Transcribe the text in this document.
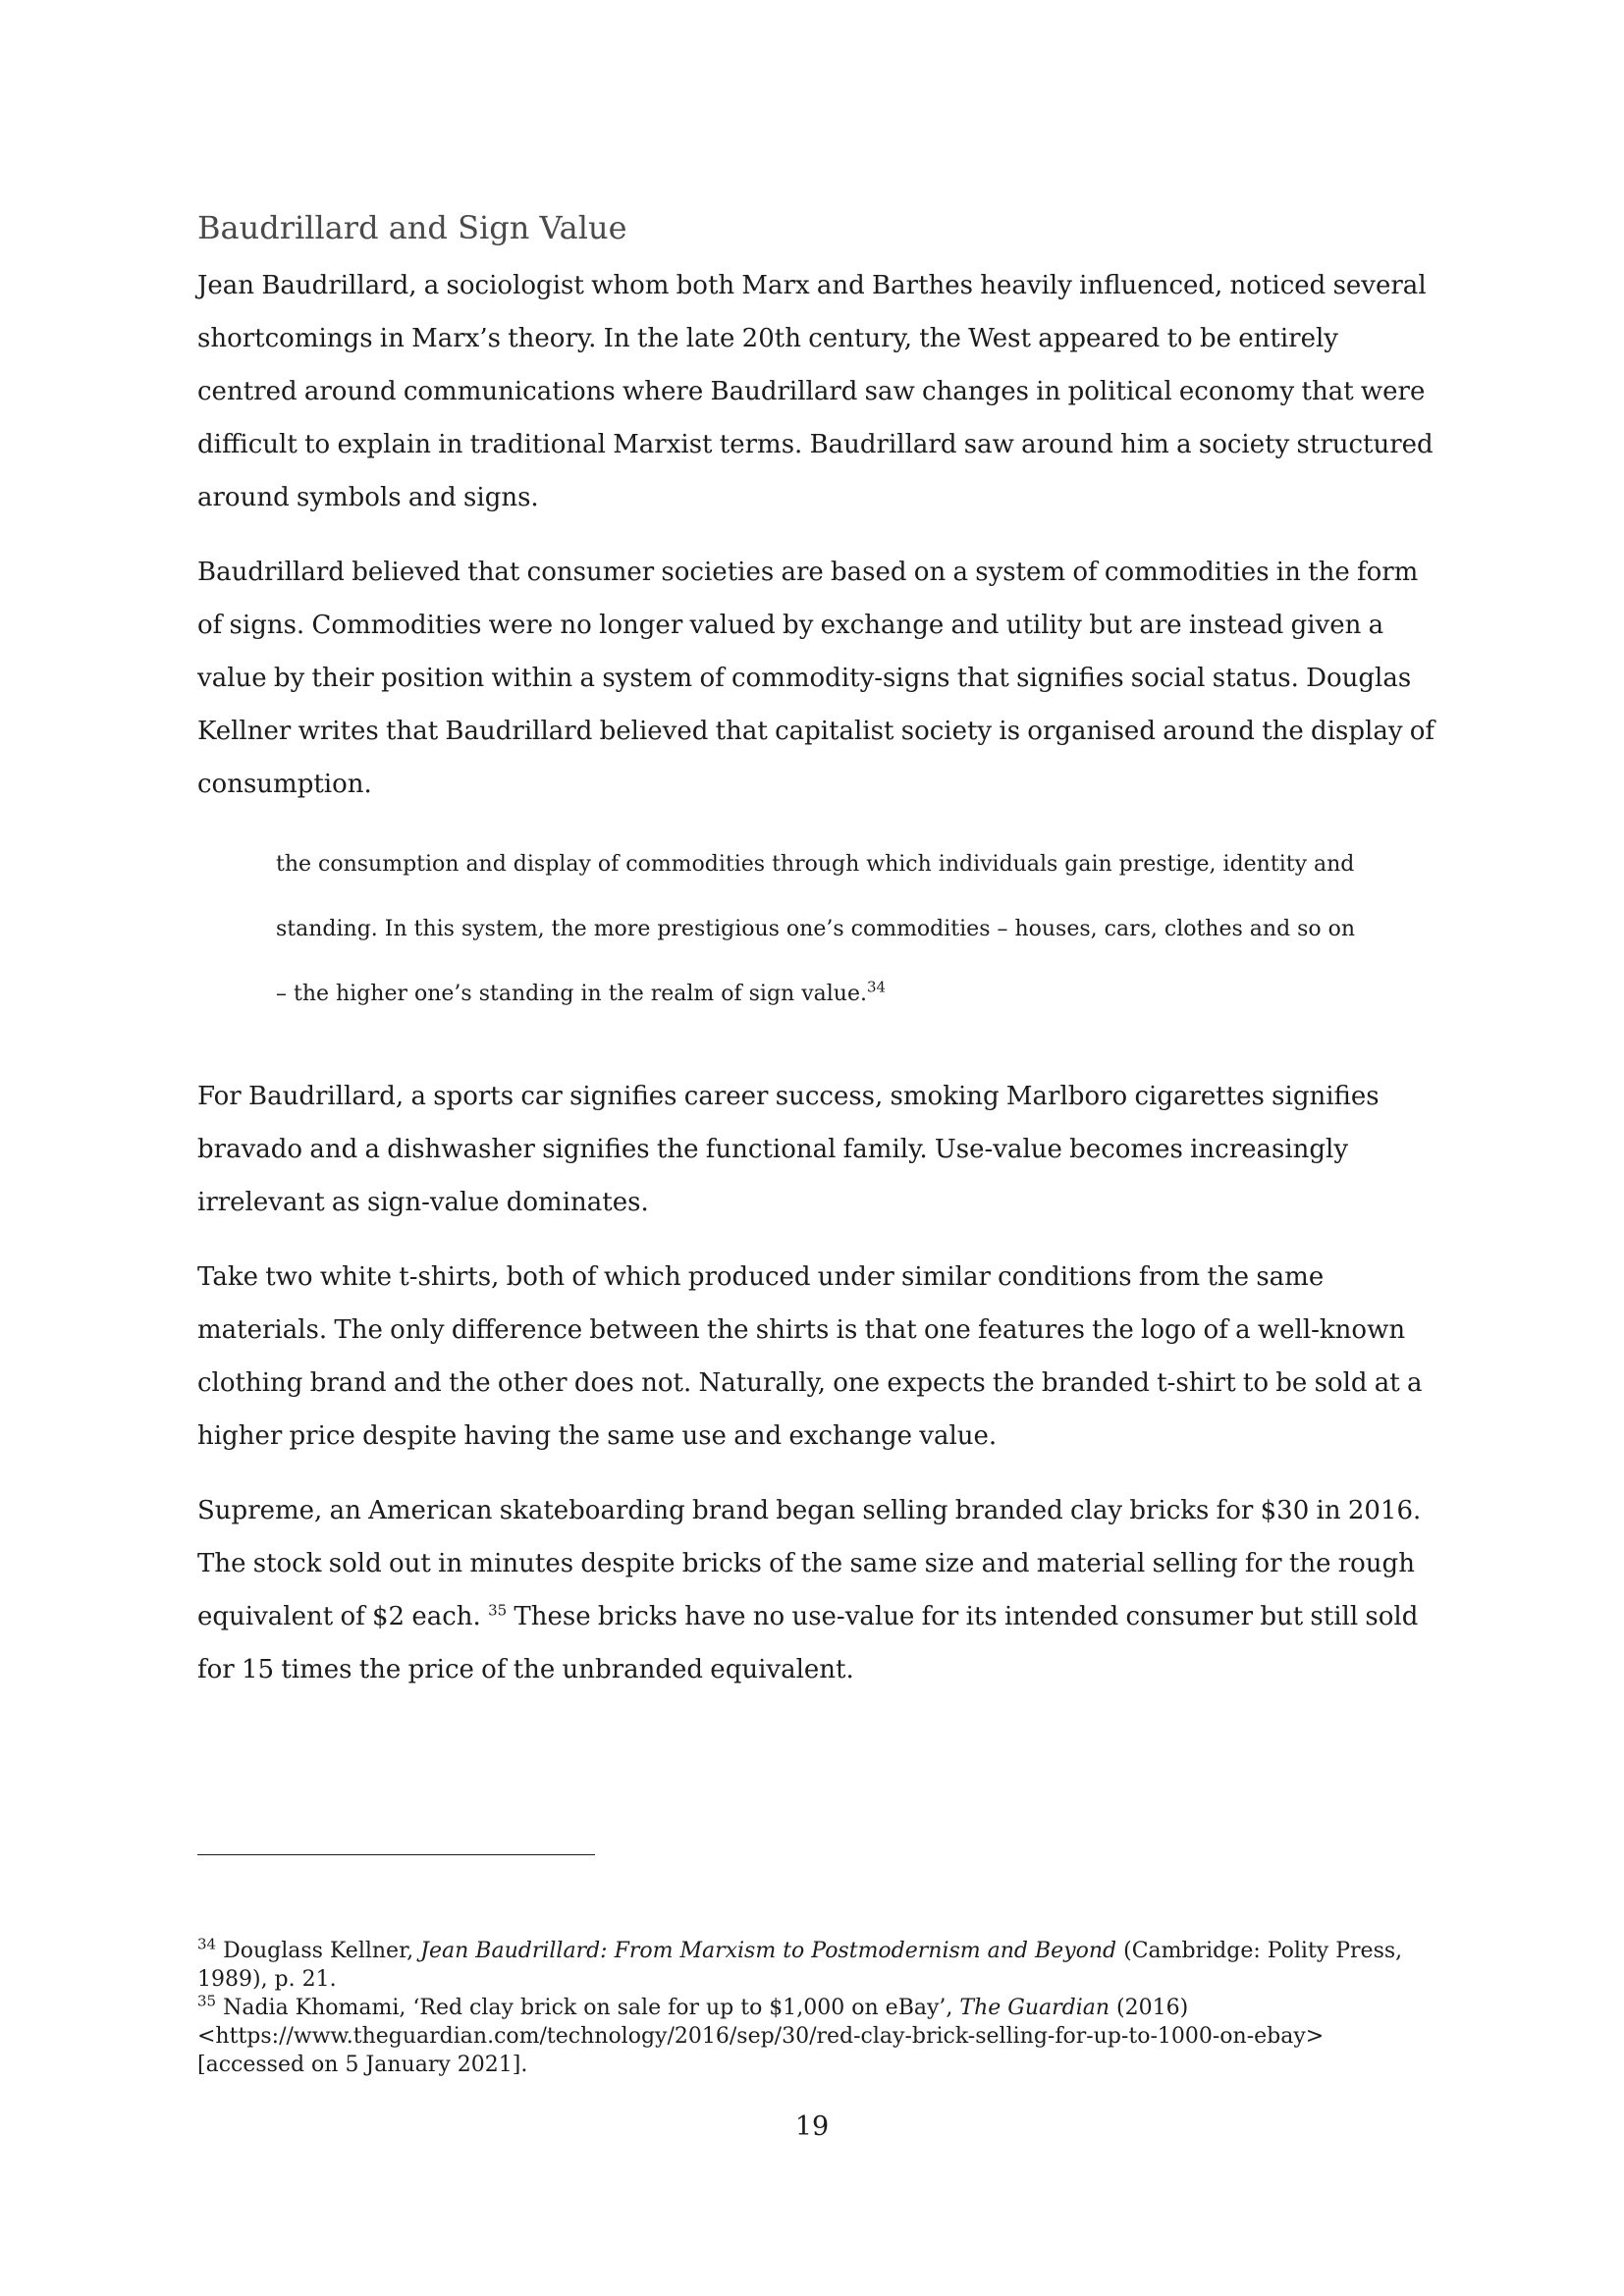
Baudrillard and Sign Value

Jean Baudrillard, a sociologist whom both Marx and Barthes heavily influenced, noticed several shortcomings in Marx’s theory. In the late 20th century, the West appeared to be entirely centred around communications where Baudrillard saw changes in political economy that were difficult to explain in traditional Marxist terms. Baudrillard saw around him a society structured around symbols and signs.

Baudrillard believed that consumer societies are based on a system of commodities in the form of signs. Commodities were no longer valued by exchange and utility but are instead given a value by their position within a system of commodity-signs that signifies social status. Douglas Kellner writes that Baudrillard believed that capitalist society is organised around the display of consumption.

the consumption and display of commodities through which individuals gain prestige, identity and standing. In this system, the more prestigious one’s commodities – houses, cars, clothes and so on – the higher one’s standing in the realm of sign value.$^{34}$

For Baudrillard, a sports car signifies career success, smoking Marlboro cigarettes signifies bravado and a dishwasher signifies the functional family. Use-value becomes increasingly irrelevant as sign-value dominates.

Take two white t-shirts, both of which produced under similar conditions from the same materials. The only difference between the shirts is that one features the logo of a well-known clothing brand and the other does not. Naturally, one expects the branded t-shirt to be sold at a higher price despite having the same use and exchange value.

Supreme, an American skateboarding brand began selling branded clay bricks for $30 in 2016. The stock sold out in minutes despite bricks of the same size and material selling for the rough equivalent of $2 each. $^{35}$ These bricks have no use-value for its intended consumer but still sold for 15 times the price of the unbranded equivalent.

$^{34}$ Douglass Kellner, Jean Baudrillard: From Marxism to Postmodernism and Beyond (Cambridge: Polity Press, 1989), p. 21.

$^{35}$ Nadia Khomami, ‘Red clay brick on sale for up to $1,000 on eBay’, The Guardian (2016) <https://www.theguardian.com/technology/2016/sep/30/red-clay-brick-selling-for-up-to-1000-on-ebay> [accessed on 5 January 2021].

19
